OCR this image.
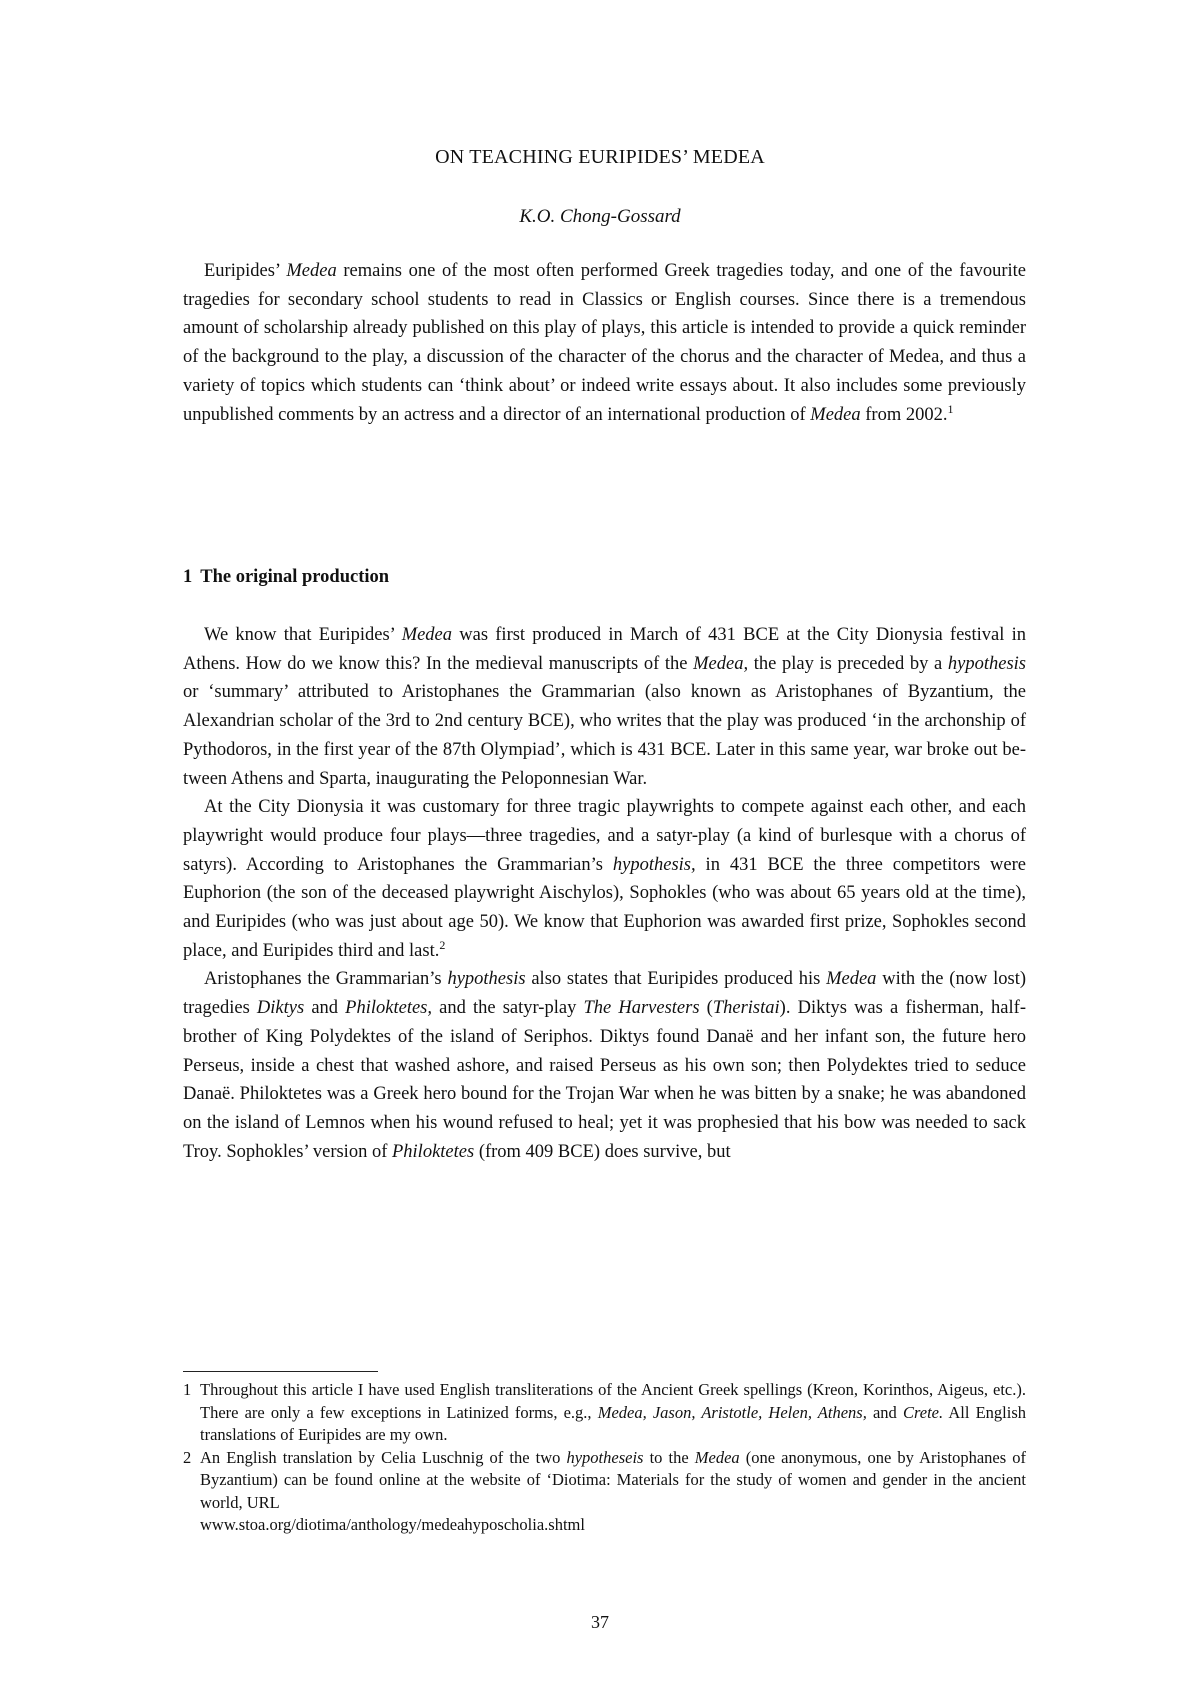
ON TEACHING EURIPIDES’ MEDEA
K.O. Chong-Gossard

Euripides’ Medea remains one of the most often performed Greek tragedies today, and one of the favourite tragedies for secondary school students to read in Classics or English courses. Since there is a tremendous amount of scholarship already published on this play of plays, this article is intended to provide a quick reminder of the background to the play, a discussion of the character of the chorus and the character of Medea, and thus a variety of topics which students can ‘think about’ or indeed write essays about. It also includes some previously unpublished comments by an actress and a director of an international production of Medea from 2002.$^1$

1 The original production

We know that Euripides’ Medea was first produced in March of 431 BCE at the City Dionysia festival in Athens. How do we know this? In the medieval manuscripts of the Medea, the play is preceded by a hypothesis or ‘summary’ attributed to Aristophanes the Grammarian (also known as Aristophanes of Byzantium, the Alexandrian scholar of the 3rd to 2nd century BCE), who writes that the play was produced ‘in the archonship of Pythodoros, in the first year of the 87th Olympiad’, which is 431 BCE. Later in this same year, war broke out between Athens and Sparta, inaugurating the Peloponnesian War.

At the City Dionysia it was customary for three tragic playwrights to compete against each other, and each playwright would produce four plays—three tragedies, and a satyr-play (a kind of burlesque with a chorus of satyrs). According to Aristophanes the Grammarian’s hypothesis, in 431 BCE the three competitors were Euphorion (the son of the deceased playwright Aischylos), Sophokles (who was about 65 years old at the time), and Euripides (who was just about age 50). We know that Euphorion was awarded first prize, Sophokles second place, and Euripides third and last.$^2$

Aristophanes the Grammarian’s hypothesis also states that Euripides produced his Medea with the (now lost) tragedies Diktys and Philoktetes, and the satyr-play The Harvesters (Theristai). Diktys was a fisherman, half-brother of King Polydektes of the island of Seriphos. Diktys found Danaë and her infant son, the future hero Perseus, inside a chest that washed ashore, and raised Perseus as his own son; then Polydektes tried to seduce Danaë. Philoktetes was a Greek hero bound for the Trojan War when he was bitten by a snake; he was abandoned on the island of Lemnos when his wound refused to heal; yet it was prophesied that his bow was needed to sack Troy. Sophokles’ version of Philoktetes (from 409 BCE) does survive, but

1 Throughout this article I have used English transliterations of the Ancient Greek spellings (Kreon, Korinthos, Aigeus, etc.). There are only a few exceptions in Latinized forms, e.g., Medea, Jason, Aristotle, Helen, Athens, and Crete. All English translations of Euripides are my own.

2 An English translation by Celia Luschnig of the two hypotheseis to the Medea (one anonymous, one by Aristophanes of Byzantium) can be found online at the website of ‘Diotima: Materials for the study of women and gender in the ancient world, URL
www.stoa.org/diotima/anthology/medeahyposcholia.shtml

37
